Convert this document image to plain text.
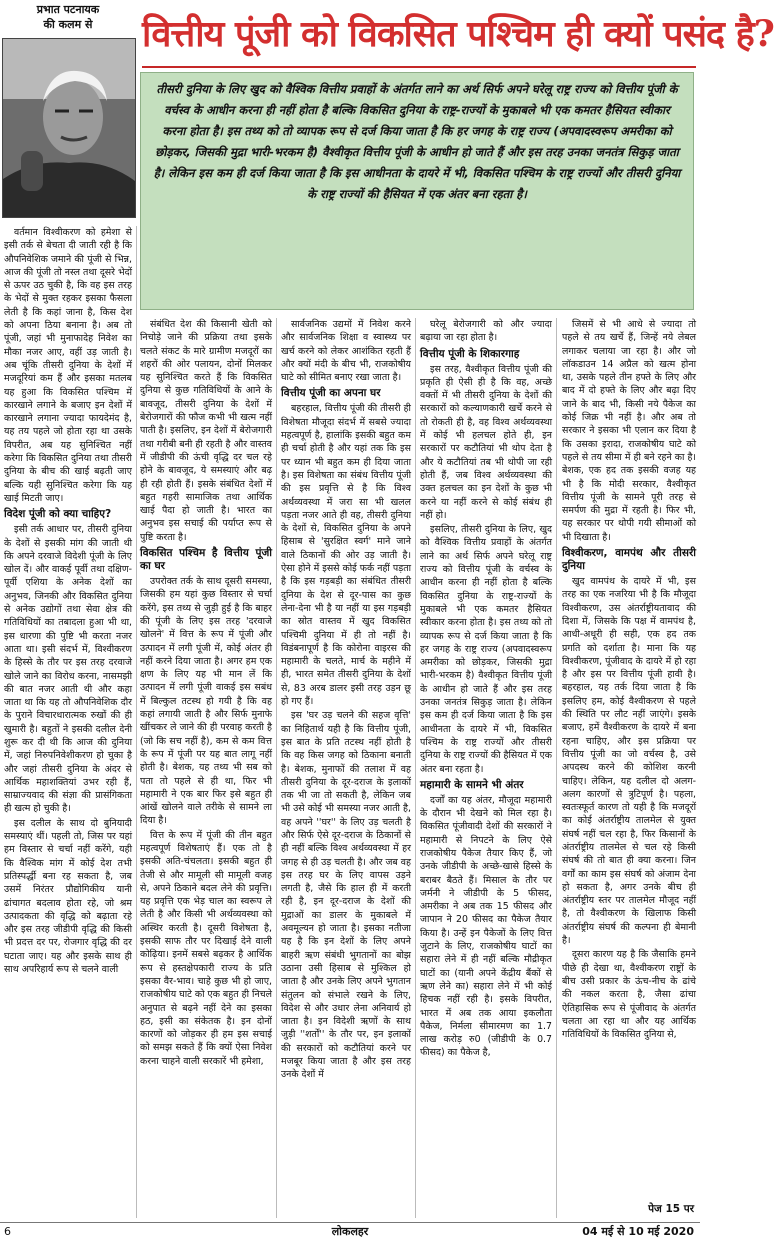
प्रभात पटनायक
की कलम से	वित्तीय पूंजी को विकसित पश्चिम ही क्यों पसंद है?

तीसरी दुनिया के लिए खुद को वैश्विक वित्तीय प्रवाहों के अंतर्गत लाने का अर्थ सिर्फ अपने घरेलू राष्ट्र राज्य को वित्तीय पूंजी के वर्चस्व के आधीन करना ही नहीं होता है बल्कि विकसित दुनिया के राष्ट्र-राज्यों के मुकाबले भी एक कमतर हैसियत स्वीकार करना होता है। इस तथ्य को तो व्यापक रूप से दर्ज किया जाता है कि हर जगह के राष्ट्र राज्य (अपवादस्वरूप अमरीका को छोड़कर, जिसकी मुद्रा भारी-भरकम है) वैश्वीकृत वित्तीय पूंजी के आधीन हो जाते हैं और इस तरह उनका जनतंत्र सिकुड़ जाता है। लेकिन इस कम ही दर्ज किया जाता है कि इस आधीनता के दायरे में भी, विकसित पश्चिम के राष्ट्र राज्यों और तीसरी दुनिया के राष्ट्र राज्यों की हैसियत में एक अंतर बना रहता है।

वर्तमान विश्वीकरण को हमेशा से इसी तर्क से बेचता दी जाती रही है कि औपनिवेशिक जमाने की पूंजी से भिन्न, आज की पूंजी तो नस्ल तथा दूसरे भेदों से ऊपर उठ चुकी है, कि वह इस तरह के भेदों से मुक्त रहकर इसका फैसला लेती है कि कहां जाना है, किस देश को अपना ठिया बनाना है। अब तो पूंजी, जहां भी मुनाफादेह निवेश का मौका नजर आए, वहीं उड़ जाती है। अब चूंकि तीसरी दुनिया के देशों में मजदूरियां कम हैं और इसका मतलब यह हुआ कि विकसित पश्चिम में कारखाने लगाने के बजाए इन देशों में कारखाने लगाना ज्यादा फायदेमंद है, यह तय पहले जो होता रहा था उसके विपरीत, अब यह सुनिश्चित नहीं करेगा कि विकसित दुनिया तथा तीसरी दुनिया के बीच की खाई बढ़ती जाए बल्कि यही सुनिश्चित करेगा कि यह खाई मिटती जाए।

विदेश पूंजी को क्या चाहिए?

इसी तर्क आधार पर, तीसरी दुनिया के देशों से इसकी मांग की जाती थी कि अपने दरवाजे विदेशी पूंजी के लिए खोल दें। और वाकई पूर्वी तथा दक्षिण-पूर्वी एशिया के अनेक देशों का अनुभव, जिनकी और विकसित दुनिया से अनेक उद्योगों तथा सेवा क्षेत्र की गतिविधियों का तबादला हुआ भी था, इस धारणा की पुष्टि भी करता नजर आता था। इसी संदर्भ में, विश्वीकरण के हिस्से के तौर पर इस तरह दरवाजे खोले जाने का विरोध करना, नासमझी की बात नजर आती थी और कहा जाता था कि यह तो औपनिवेशिक दौर के पुराने विचारधारात्मक रुखों की ही खुमारी है। बहुतों ने इसकी दलील देनी शुरू कर दी थी कि आज की दुनिया में, जहां निरुपनिवेशीकरण हो चुका है और जहां तीसरी दुनिया के अंदर से आर्थिक महाशक्तियां उभर रही हैं, साम्राज्यवाद की संज्ञा की प्रासंगिकता ही खत्म हो चुकी है।

इस दलील के साथ दो बुनियादी समस्याएं थीं। पहली तो, जिस पर यहां हम विस्तार से चर्चा नहीं करेंगे, यही कि वैश्विक मांग में कोई देश तभी प्रतिस्पर्द्धी बना रह सकता है, जब उसमें निरंतर प्रौद्योगिकीय यानी ढांचागत बदलाव होता रहे, जो श्रम उत्पादकता की वृद्धि को बढ़ाता रहे और इस तरह जीडीपी वृद्धि की किसी भी प्रदत्त दर पर, रोजगार वृद्धि की दर घटाता जाए। यह और इसके साथ ही साथ अपरिहार्य रूप से चलने वाली

संबंधित देश की किसानी खेती को निचोड़े जाने की प्रक्रिया तथा इसके चलते संकट के मारे ग्रामीण मजदूरों का शहरों की ओर पलायन, दोनों मिलकर यह सुनिश्चित करते हैं कि विकसित दुनिया से कुछ गतिविधियों के आने के बावजूद, तीसरी दुनिया के देशों में बेरोजगारों की फौज कभी भी खत्म नहीं पाती है। इसलिए, इन देशों में बेरोजगारी तथा गरीबी बनी ही रहती है और वास्तव में जीडीपी की ऊंची वृद्धि दर चल रहे होने के बावजूद, ये समस्याएं और बढ़ ही रही होती हैं। इसके संबंधित देशों में बहुत गहरी सामाजिक तथा आर्थिक खाई पैदा हो जाती है। भारत का अनुभव इस सचाई की पर्याप्त रूप से पुष्टि करता है।

विकसित पश्चिम है वित्तीय पूंजी का घर

उपरोक्त तर्क के साथ दूसरी समस्या, जिसकी हम यहां कुछ विस्तार से चर्चा करेंगे, इस तथ्य से जुड़ी हुई है कि बाहर की पूंजी के लिए इस तरह 'दरवाजे खोलने' में वित्त के रूप में पूंजी और उत्पादन में लगी पूंजी में, कोई अंतर ही नहीं करने दिया जाता है। अगर हम एक क्षण के लिए यह भी मान लें कि उत्पादन में लगी पूंजी वाकई इस सबंध में बिल्कुल तटस्थ हो गयी है कि वह कहां लगायी जाती है और सिर्फ मुनाफे खींचकर ले जाने की ही परवाह करती है (जो कि सच नहीं है), कम से कम वित्त के रूप में पूंजी पर यह बात लागू नहीं होती है। बेशक, यह तथ्य भी सब को पता तो पहले से ही था, फिर भी महामारी ने एक बार फिर इसे बहुत ही आंखें खोलने वाले तरीके से सामने ला दिया है।

वित्त के रूप में पूंजी की तीन बहुत महत्वपूर्ण विशेषताएं हैं। एक तो है इसकी अति-चंचलता। इसकी बहुत ही तेजी से और मामूली सी मामूली वजह से, अपने ठिकाने बदल लेने की प्रवृत्ति। यह प्रवृत्ति एक भेड़ चाल का स्वरूप ले लेती है और किसी भी अर्थव्यवस्था को अस्थिर करती है। दूसरी विशेषता है, इसकी साफ तौर पर दिखाई देने वाली कोढ़िया। इनमें सबसे बढ़कर है आर्थिक रूप से हस्तक्षेपकारी राज्य के प्रति इसका वैर-भाव। चाहे कुछ भी हो जाए, राजकोषीय घाटे को एक बहुत ही निचले अनुपात से बढ़ने नहीं देने का इसका हठ, इसी का संकेतक है। इन दोनों कारणों को जोड़कर ही हम इस सचाई को समझ सकते हैं कि क्यों ऐसा निवेश करना चाहने वाली सरकारें भी हमेशा,

सार्वजनिक उद्यमों में निवेश करने और सार्वजनिक शिक्षा व स्वास्थ्य पर खर्च करने को लेकर आशंकित रहती हैं और क्यों मंदी के बीच भी, राजकोषीय घाटे को सीमित बनाए रखा जाता है।

वित्तीय पूंजी का अपना घर

बहरहाल, वित्तीय पूंजी की तीसरी ही विशेषता मौजूदा संदर्भ में सबसे ज्यादा महत्वपूर्ण है, हालांकि इसकी बहुत कम ही चर्चा होती है और यहां तक कि इस पर ध्यान भी बहुत कम ही दिया जाता है। इस विशेषता का संबंध वित्तीय पूंजी की इस प्रवृत्ति से है कि विश्व अर्थव्यवस्था में जरा सा भी खलल पड़ता नजर आते ही वह, तीसरी दुनिया के देशों से, विकसित दुनिया के अपने हिसाब से 'सुरक्षित स्वर्ग' माने जाने वाले ठिकानों की ओर उड़ जाती है। ऐसा होने में इससे कोई फर्क नहीं पड़ता है कि इस गड़बड़ी का संबंधित तीसरी दुनिया के देश से दूर-पास का कुछ लेना-देना भी है या नहीं या इस गड़बड़ी का स्रोत वास्तव में खुद विकसित पश्चिमी दुनिया में ही तो नहीं है। विडंबनापूर्ण है कि कोरोना वाइरस की महामारी के चलते, मार्च के महीने में ही, भारत समेत तीसरी दुनिया के देशों से, 83 अरब डालर इसी तरह उड़न छू हो गए हैं।

इस 'घर उड़ चलने की सहज वृत्ति' का निहितार्थ यही है कि वित्तीय पूंजी, इस बात के प्रति तटस्थ नहीं होती है कि वह किस जगह को ठिकाना बनाती है। बेशक, मुनाफों की तलाश में वह तीसरी दुनिया के दूर-दराज के इलाकों तक भी जा तो सकती है, लेकिन जब भी उसे कोई भी समस्या नजर आती है, वह अपने ''घर'' के लिए उड़ चलती है और सिर्फ ऐसे दूर-दराज के ठिकानों से ही नहीं बल्कि विश्व अर्थव्यवस्था में हर जगह से ही उड़ चलती है। और जब वह इस तरह घर के लिए वापस उड़ने लगती है, जैसे कि हाल ही में करती रही है, इन दूर-दराज के देशों की मुद्राओं का डालर के मुकाबले में अवमूल्यन हो जाता है। इसका नतीजा यह है कि इन देशों के लिए अपने बाहरी ऋण संबंधी भुगतानों का बोझ उठाना उसी हिसाब से मुश्किल हो जाता है और उनके लिए अपने भुगतान संतुलन को संभाले रखने के लिए, विदेश से और उधार लेना अनिवार्य हो जाता है। इन विदेशी ऋणों के साथ जुड़ी ''शर्तों'' के तौर पर, इन इलाकों की सरकारों को कटौतियां करने पर मजबूर किया जाता है और इस तरह उनके देशों में

घरेलू बेरोजगारी को और ज्यादा बढ़ाया जा रहा होता है।

वित्तीय पूंजी के शिकारगाह

इस तरह, वैश्वीकृत वित्तीय पूंजी की प्रकृति ही ऐसी ही है कि वह, अच्छे वक्तों में भी तीसरी दुनिया के देशों की सरकारों को कल्याणकारी खर्चे करने से तो रोकती ही है, वह विश्व अर्थव्यवस्था में कोई भी हलचल होते ही, इन सरकारों पर कटौतियां भी थोप देता है और ये कटौतियां तब भी थोपी जा रही होती हैं, जब विश्व अर्थव्यवस्था की उक्त हलचल का इन देशों के कुछ भी करने या नहीं करने से कोई संबंध ही नहीं हो।

इसलिए, तीसरी दुनिया के लिए, खुद को वैश्विक वित्तीय प्रवाहों के अंतर्गत लाने का अर्थ सिर्फ अपने घरेलू राष्ट्र राज्य को वित्तीय पूंजी के वर्चस्व के आधीन करना ही नहीं होता है बल्कि विकसित दुनिया के राष्ट्र-राज्यों के मुकाबले भी एक कमतर हैसियत स्वीकार करना होता है। इस तथ्य को तो व्यापक रूप से दर्ज किया जाता है कि हर जगह के राष्ट्र राज्य (अपवादस्वरूप अमरीका को छोड़कर, जिसकी मुद्रा भारी-भरकम है) वैश्वीकृत वित्तीय पूंजी के आधीन हो जाते हैं और इस तरह उनका जनतंत्र सिकुड़ जाता है। लेकिन इस कम ही दर्ज किया जाता है कि इस आधीनता के दायरे में भी, विकसित पश्चिम के राष्ट्र राज्यों और तीसरी दुनिया के राष्ट्र राज्यों की हैसियत में एक अंतर बना रहता है।

महामारी के सामने भी अंतर

दर्जों का यह अंतर, मौजूदा महामारी के दौरान भी देखने को मिल रहा है। विकसित पूंजीवादी देशों की सरकारों ने महामारी से निपटने के लिए ऐसे राजकोषीय पैकेज तैयार किए हैं, जो उनके जीडीपी के अच्छे-खासे हिस्से के बराबर बैठते हैं। मिसाल के तौर पर जर्मनी ने जीडीपी के 5 फीसद, अमरीका ने अब तक 15 फीसद और जापान ने 20 फीसद का पैकेज तैयार किया है। उन्हें इन पैकेजों के लिए वित्त जुटाने के लिए, राजकोषीय घाटों का सहारा लेने में ही नहीं बल्कि मौद्रीकृत घाटों का (यानी अपने केंद्रीय बैंकों से ऋण लेने का) सहारा लेने में भी कोई हिचक नहीं रही है। इसके विपरीत, भारत में अब तक आया इकलौता पैकेज, निर्मला सीमारमण का 1.7 लाख करोड़ रु0 (जीडीपी के 0.7 फीसद) का पैकेज है,

जिसमें से भी आधे से ज्यादा तो पहले से तय खर्चे हैं, जिन्हें नये लेबल लगाकर चलाया जा रहा है। और जो लॉकडाउन 14 अप्रैल को खत्म होना था, उसके पहले तीन हफ्ते के लिए और बाद में दो हफ्ते के लिए और बढ़ा दिए जाने के बाद भी, किसी नये पैकेज का कोई जिक्र भी नहीं है। और अब तो सरकार ने इसका भी एलान कर दिया है कि उसका इरादा, राजकोषीय घाटे को पहले से तय सीमा में ही बने रहने का है। बेशक, एक हद तक इसकी वजह यह भी है कि मोदी सरकार, वैश्वीकृत वित्तीय पूंजी के सामने पूरी तरह से समर्पण की मुद्रा में रहती है। फिर भी, यह सरकार पर थोपी गयी सीमाओं को भी दिखाता है।

विश्वीकरण, वामपंथ और तीसरी दुनिया

खुद वामपंथ के दायरे में भी, इस तरह का एक नजरिया भी है कि मौजूदा विश्वीकरण, उस अंतर्राष्ट्रीयतावाद की दिशा में, जिसके कि पक्ष में वामपंथ है, आधी-अधूरी ही सही, एक हद तक प्रगति को दर्शाता है। माना कि यह विश्वीकरण, पूंजीवाद के दायरे में हो रहा है और इस पर वित्तीय पूंजी हावी है। बहरहाल, यह तर्क दिया जाता है कि इसलिए हम, कोई वैश्वीकरण से पहले की स्थिति पर लौट नहीं जाएंगे। इसके बजाए, हमें वैश्वीकरण के दायरे में बना रहना चाहिए, और इस प्रक्रिया पर वित्तीय पूंजी का जो वर्चस्व है, उसे अपदस्थ करने की कोशिश करनी चाहिए। लेकिन, यह दलील दो अलग-अलग कारणों से त्रुटिपूर्ण है। पहला, स्वतःस्फूर्त कारण तो यही है कि मजदूरों का कोई अंतर्राष्ट्रीय तालमेल से युक्त संघर्ष नहीं चल रहा है, फिर किसानों के अंतर्राष्ट्रीय तालमेल से चल रहे किसी संघर्ष की तो बात ही क्या करना। जिन वर्गों का काम इस संघर्ष को अंजाम देना हो सकता है, अगर उनके बीच ही अंतर्राष्ट्रीय स्तर पर तालमेल मौजूद नहीं है, तो वैश्वीकरण के खिलाफ किसी अंतर्राष्ट्रीय संघर्ष की कल्पना ही बेमानी है।

दूसरा कारण यह है कि जैसाकि हमने पीछे ही देखा था, वैश्वीकरण राष्ट्रों के बीच उसी प्रकार के ऊंच-नीच के ढांचे की नकल करता है, जैसा ढांचा ऐतिहासिक रूप से पूंजीवाद के अंतर्गत चलता आ रहा था और यह आर्थिक गतिविधियों के विकसित दुनिया से,

पेज 15 पर
6	लोकलहर	04 मई से 10 मई 2020
